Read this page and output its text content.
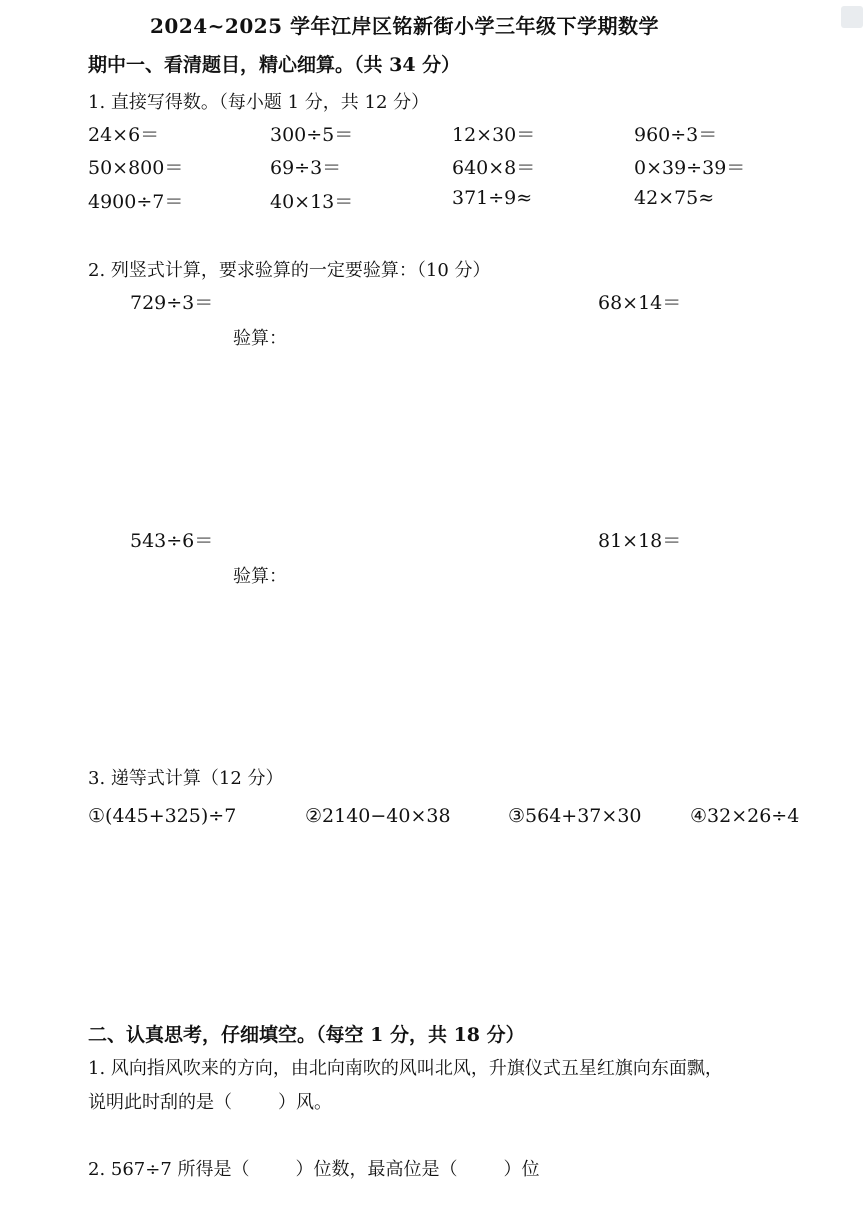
2024~2025 学年江岸区铭新街小学三年级下学期数学
期中一、看清题目，精心细算。（共 34 分）
1. 直接写得数。（每小题 1 分，共 12 分）
24×6＝	300÷5＝	12×30＝	960÷3＝
50×800＝	69÷3＝	640×8＝	0×39÷39＝
4900÷7＝	40×13＝	371÷9≈	42×75≈
2. 列竖式计算，要求验算的一定要验算：（10 分）
729÷3＝	68×14＝
验算：
543÷6＝	81×18＝
验算：
3. 递等式计算（12 分）
①(445+325)÷7	②2140−40×38	③564+37×30	④32×26÷4
二、认真思考，仔细填空。（每空 1 分，共 18 分）
1. 风向指风吹来的方向，由北向南吹的风叫北风，升旗仪式五星红旗向东面飘，
说明此时刮的是（	）风。
2. 567÷7 所得是（	）位数，最高位是（	）位
